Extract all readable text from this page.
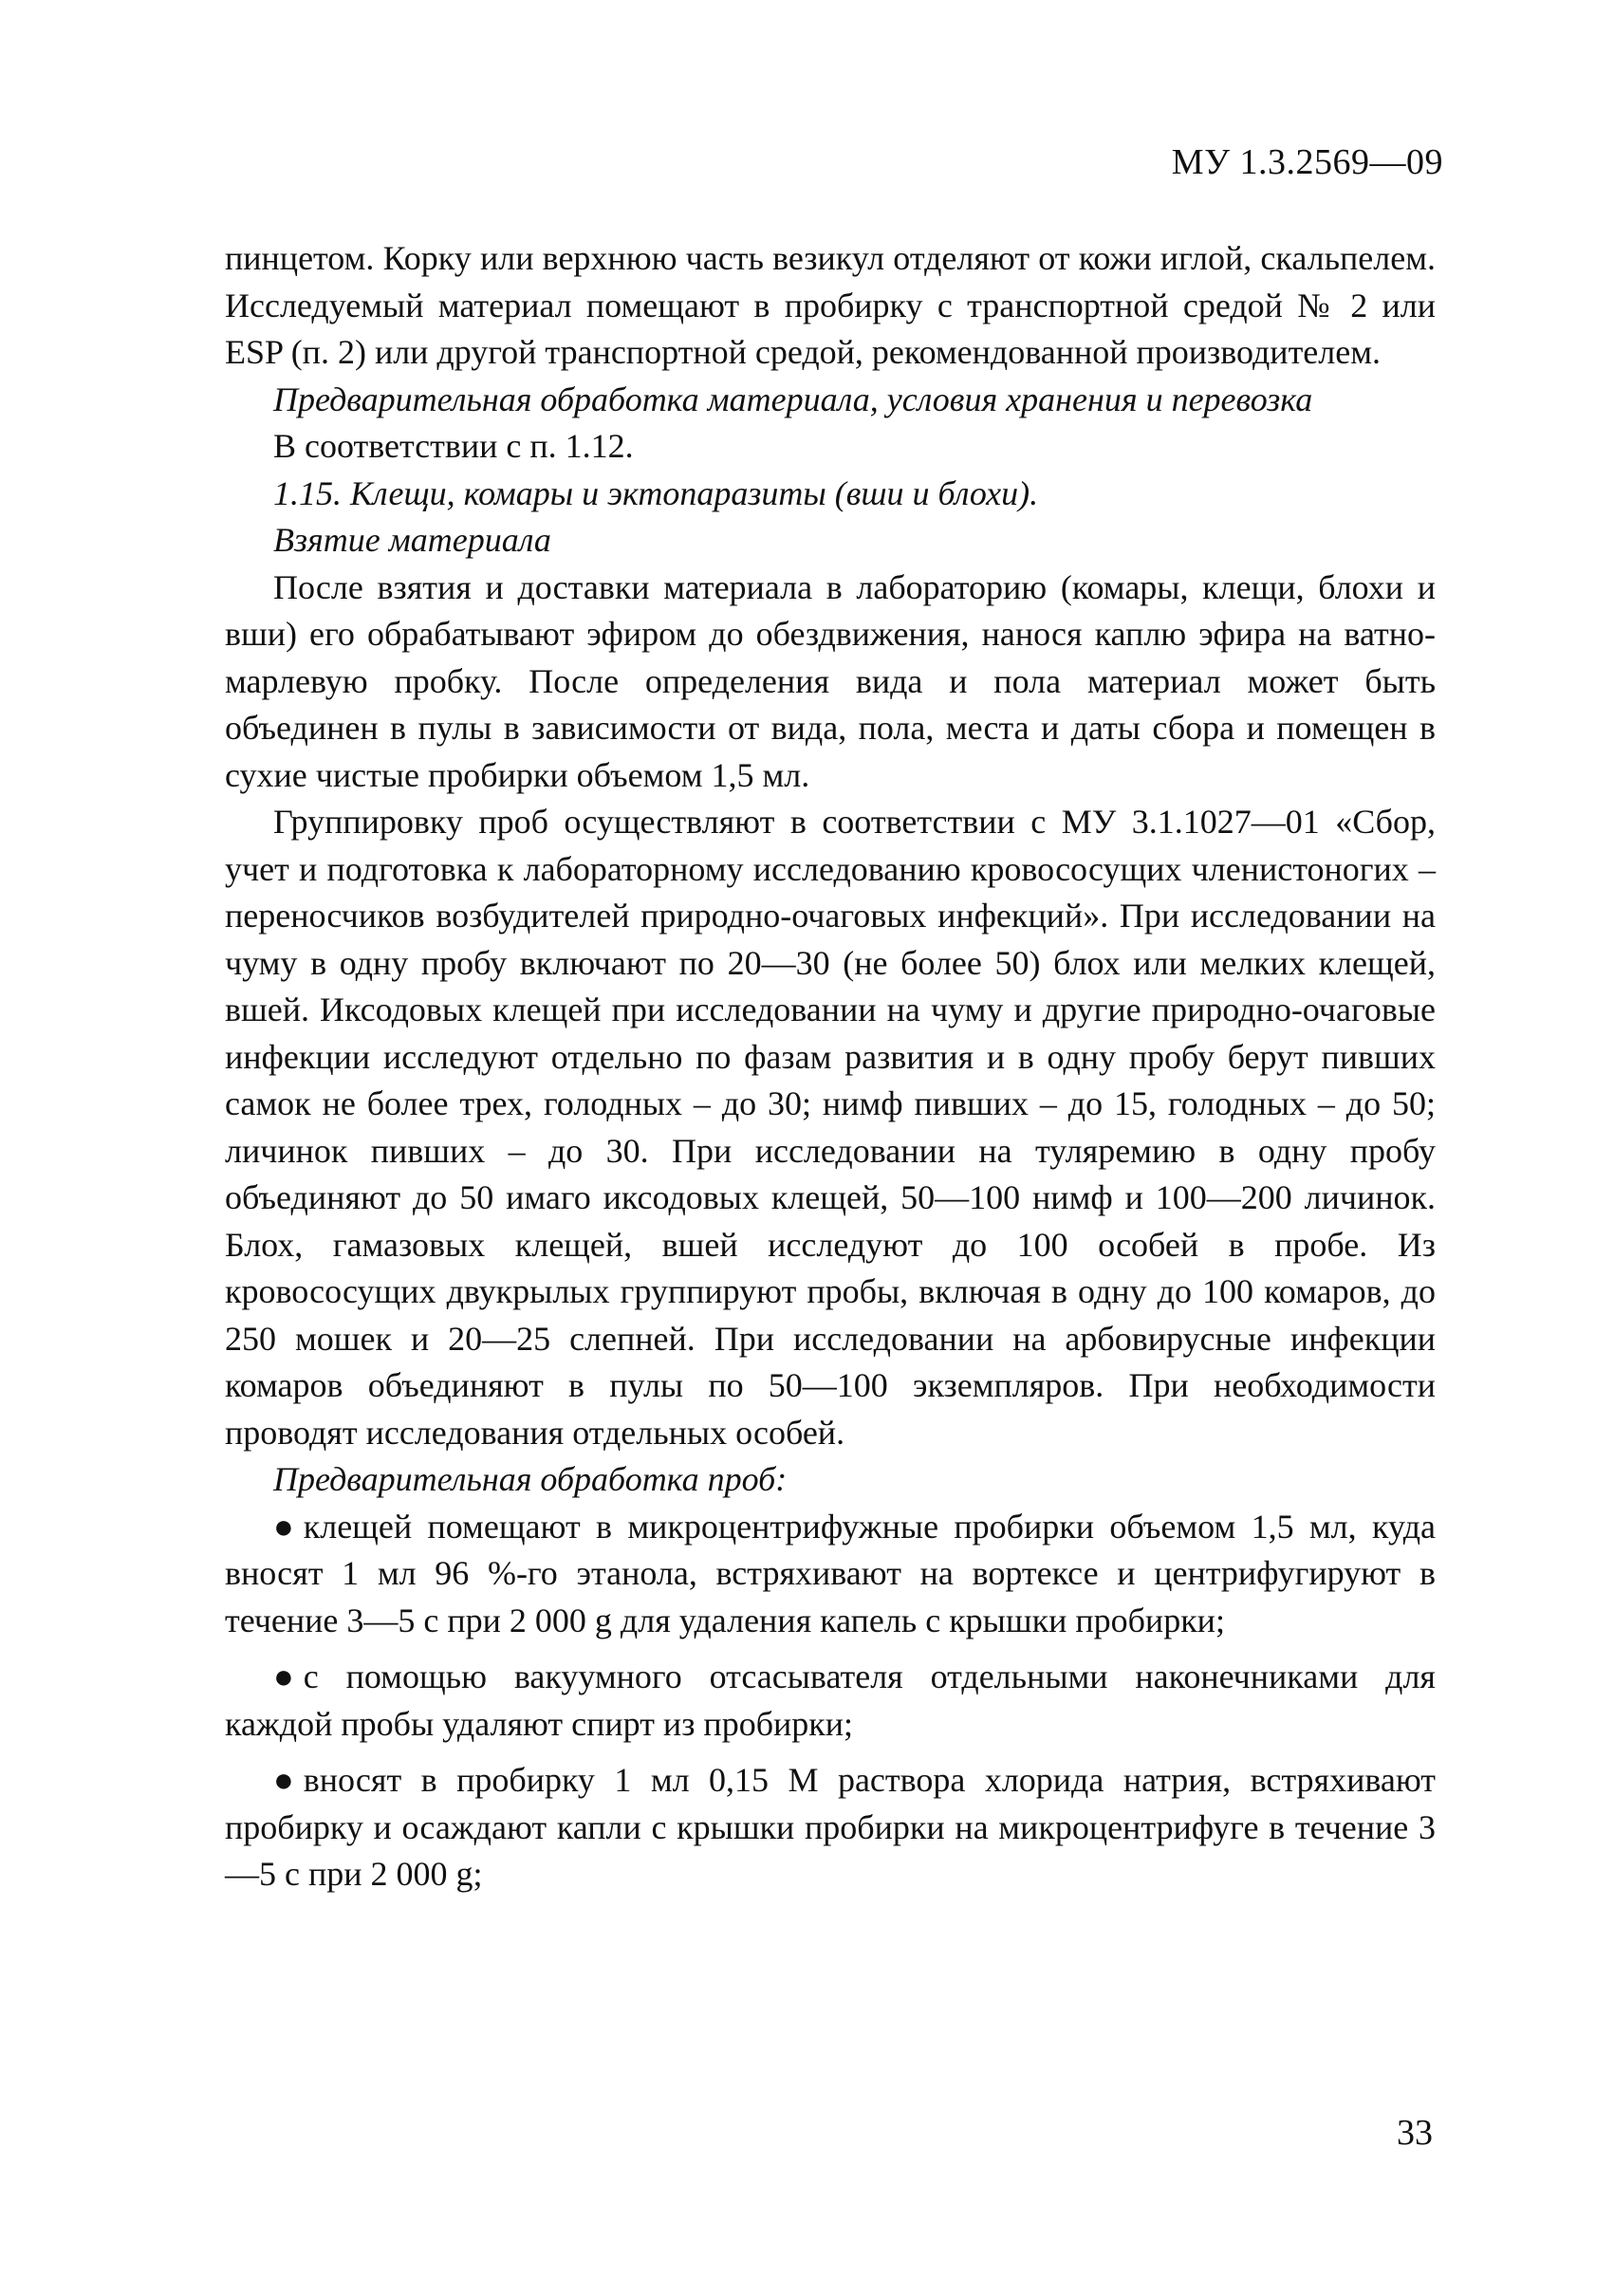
МУ 1.3.2569—09

пинцетом. Корку или верхнюю часть везикул отделяют от кожи иглой, скальпелем. Исследуемый материал помещают в пробирку с транспортной средой № 2 или ESP (п. 2) или другой транспортной средой, рекомендованной производителем.

Предварительная обработка материала, условия хранения и перевозка

В соответствии с п. 1.12.

1.15. Клещи, комары и эктопаразиты (вши и блохи).

Взятие материала

После взятия и доставки материала в лабораторию (комары, клещи, блохи и вши) его обрабатывают эфиром до обездвижения, нанося каплю эфира на ватно-марлевую пробку. После определения вида и пола материал может быть объединен в пулы в зависимости от вида, пола, места и даты сбора и помещен в сухие чистые пробирки объемом 1,5 мл.

Группировку проб осуществляют в соответствии с МУ 3.1.1027—01 «Сбор, учет и подготовка к лабораторному исследованию кровососущих членистоногих – переносчиков возбудителей природно-очаговых инфекций». При исследовании на чуму в одну пробу включают по 20—30 (не более 50) блох или мелких клещей, вшей. Иксодовых клещей при исследовании на чуму и другие природно-очаговые инфекции исследуют отдельно по фазам развития и в одну пробу берут пивших самок не более трех, голодных – до 30; нимф пивших – до 15, голодных – до 50; личинок пивших – до 30. При исследовании на туляремию в одну пробу объединяют до 50 имаго иксодовых клещей, 50—100 нимф и 100—200 личинок. Блох, гамазовых клещей, вшей исследуют до 100 особей в пробе. Из кровососущих двукрылых группируют пробы, включая в одну до 100 комаров, до 250 мошек и 20—25 слепней. При исследовании на арбовирусные инфекции комаров объединяют в пулы по 50—100 экземпляров. При необходимости проводят исследования отдельных особей.

Предварительная обработка проб:

● клещей помещают в микроцентрифужные пробирки объемом 1,5 мл, куда вносят 1 мл 96 %-го этанола, встряхивают на вортексе и центрифугируют в течение 3—5 с при 2 000 g для удаления капель с крышки пробирки;

● с помощью вакуумного отсасывателя отдельными наконечниками для каждой пробы удаляют спирт из пробирки;

● вносят в пробирку 1 мл 0,15 М раствора хлорида натрия, встряхивают пробирку и осаждают капли с крышки пробирки на микроцентрифуге в течение 3—5 с при 2 000 g;

33
